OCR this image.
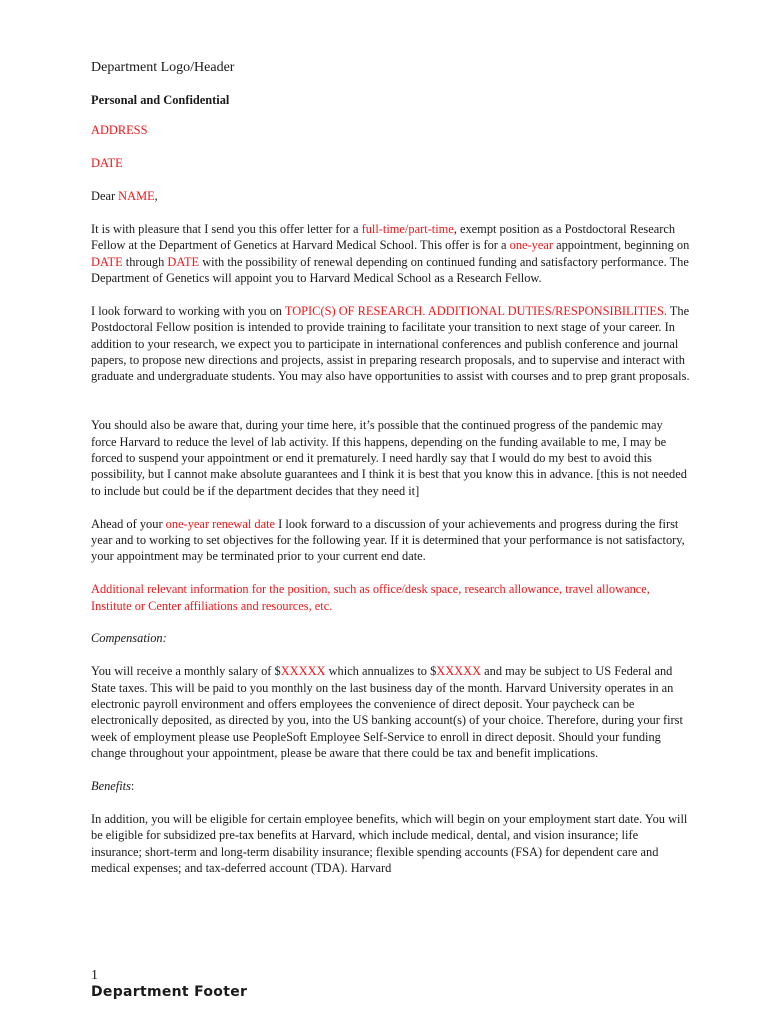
Department Logo/Header
Personal and Confidential

ADDRESS

DATE

Dear NAME,

It is with pleasure that I send you this offer letter for a full-time/part-time, exempt position as a Postdoctoral Research Fellow at the Department of Genetics at Harvard Medical School. This offer is for a one-year appointment, beginning on DATE through DATE with the possibility of renewal depending on continued funding and satisfactory performance. The
Department of Genetics will appoint you to Harvard Medical School as a Research Fellow.

I look forward to working with you on TOPIC(S) OF RESEARCH. ADDITIONAL DUTIES/RESPONSIBILITIES. The Postdoctoral Fellow position is intended to provide training to facilitate your transition to next stage of your career. In addition to your research, we expect you to participate in international conferences and publish conference and journal papers, to propose new directions and projects, assist in preparing research proposals, and to supervise and interact with graduate and undergraduate students. You may also have opportunities to assist with courses and to prep grant proposals.

You should also be aware that, during your time here, it’s possible that the continued progress of the pandemic may force Harvard to reduce the level of lab activity. If this happens, depending on the funding available to me, I may be forced to suspend your appointment or end it prematurely. I need hardly say that I would do my best to avoid this possibility, but I cannot make absolute guarantees and I think it is best that you know this in advance. [this is not needed to include but could be if the department decides that they need it]

Ahead of your one-year renewal date I look forward to a discussion of your achievements and progress during the first year and to working to set objectives for the following year. If it is determined that your performance is not satisfactory, your appointment may be terminated prior to your current end date.

Additional relevant information for the position, such as office/desk space, research allowance, travel allowance, Institute or Center affiliations and resources, etc.

Compensation:

You will receive a monthly salary of $XXXXX which annualizes to $XXXXX and may be subject to US Federal and State taxes. This will be paid to you monthly on the last business day of the month. Harvard University operates in an electronic payroll environment and offers employees the convenience of direct deposit. Your paycheck can be electronically deposited, as directed by you, into the US banking account(s) of your choice. Therefore, during your first week of employment please use PeopleSoft Employee Self-Service to enroll in direct deposit. Should your funding change throughout your appointment, please be aware that there could be tax and benefit implications.

Benefits:

In addition, you will be eligible for certain employee benefits, which will begin on your employment start date. You will be eligible for subsidized pre-tax benefits at Harvard, which include medical, dental, and vision insurance; life insurance; short-term and long-term disability insurance; flexible spending accounts (FSA) for dependent care and medical expenses; and tax-deferred account (TDA). Harvard

1
Department Footer
